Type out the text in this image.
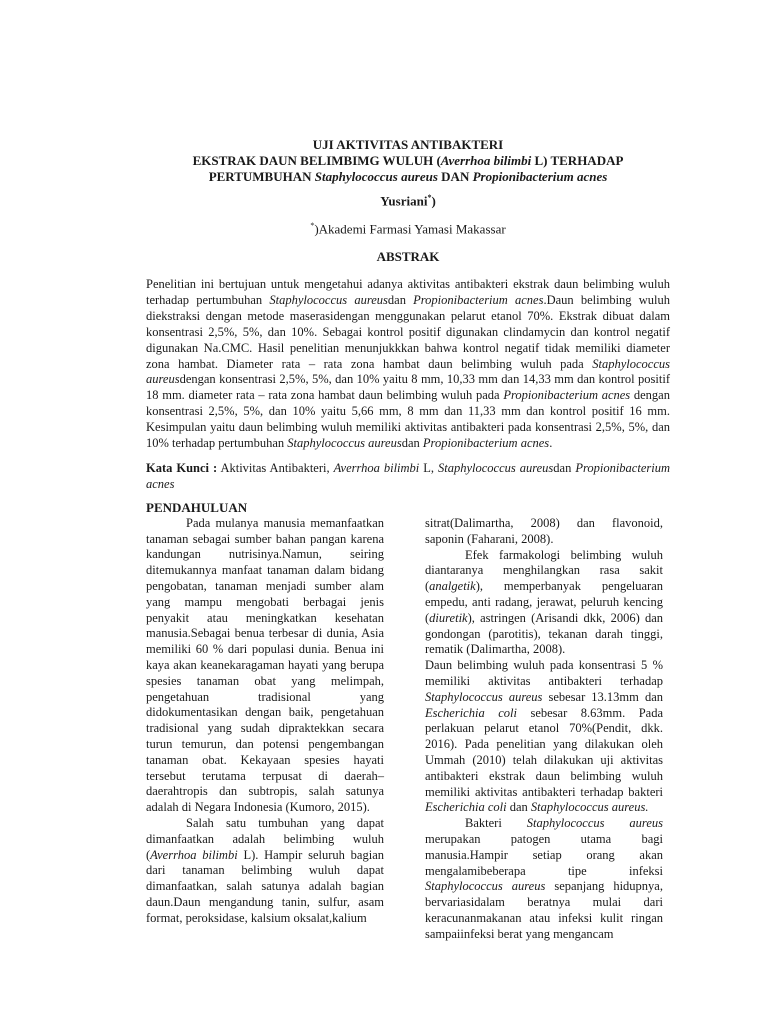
UJI AKTIVITAS ANTIBAKTERI
EKSTRAK DAUN BELIMBIMG WULUH (Averrhoa bilimbi L) TERHADAP
PERTUMBUHAN Staphylococcus aureus DAN Propionibacterium acnes
Yusriani*)
*)Akademi Farmasi Yamasi Makassar
ABSTRAK
Penelitian ini bertujuan untuk mengetahui adanya aktivitas antibakteri ekstrak daun belimbing wuluh terhadap pertumbuhan Staphylococcus aureusdan Propionibacterium acnes.Daun belimbing wuluh diekstraksi dengan metode maserasidengan menggunakan pelarut etanol 70%. Ekstrak dibuat dalam konsentrasi 2,5%, 5%, dan 10%. Sebagai kontrol positif digunakan clindamycin dan kontrol negatif digunakan Na.CMC. Hasil penelitian menunjukkkan bahwa kontrol negatif tidak memiliki diameter zona hambat. Diameter rata – rata zona hambat daun belimbing wuluh pada Staphylococcus aureusdengan konsentrasi 2,5%, 5%, dan 10% yaitu 8 mm, 10,33 mm dan 14,33 mm dan kontrol positif 18 mm. diameter rata – rata zona hambat daun belimbing wuluh pada Propionibacterium acnes dengan konsentrasi 2,5%, 5%, dan 10% yaitu 5,66 mm, 8 mm dan 11,33 mm dan kontrol positif 16 mm. Kesimpulan yaitu daun belimbing wuluh memiliki aktivitas antibakteri pada konsentrasi 2,5%, 5%, dan 10% terhadap pertumbuhan Staphylococcus aureusdan Propionibacterium acnes.
Kata Kunci : Aktivitas Antibakteri, Averrhoa bilimbi L, Staphylococcus aureusdan Propionibacterium acnes

PENDAHULUAN

Pada mulanya manusia memanfaatkan tanaman sebagai sumber bahan pangan karena kandungan nutrisinya.Namun, seiring ditemukannya manfaat tanaman dalam bidang pengobatan, tanaman menjadi sumber alam yang mampu mengobati berbagai jenis penyakit atau meningkatkan kesehatan manusia.Sebagai benua terbesar di dunia, Asia memiliki 60 % dari populasi dunia. Benua ini kaya akan keanekaragaman hayati yang berupa spesies tanaman obat yang melimpah, pengetahuan tradisional yang didokumentasikan dengan baik, pengetahuan tradisional yang sudah dipraktekkan secara turun temurun, dan potensi pengembangan tanaman obat. Kekayaan spesies hayati tersebut terutama terpusat di daerah–daerahtropis dan subtropis, salah satunya adalah di Negara Indonesia (Kumoro, 2015).

Salah satu tumbuhan yang dapat dimanfaatkan adalah belimbing wuluh (Averrhoa bilimbi L). Hampir seluruh bagian dari tanaman belimbing wuluh dapat dimanfaatkan, salah satunya adalah bagian daun.Daun mengandung tanin, sulfur, asam format, peroksidase, kalsium oksalat,kalium

sitrat(Dalimartha, 2008) dan flavonoid, saponin (Faharani, 2008).

Efek farmakologi belimbing wuluh diantaranya menghilangkan rasa sakit (analgetik), memperbanyak pengeluaran empedu, anti radang, jerawat, peluruh kencing (diuretik), astringen (Arisandi dkk, 2006) dan gondongan (parotitis), tekanan darah tinggi, rematik (Dalimartha, 2008).

Daun belimbing wuluh pada konsentrasi 5 % memiliki aktivitas antibakteri terhadap Staphylococcus aureus sebesar 13.13mm dan Escherichia coli sebesar 8.63mm. Pada perlakuan pelarut etanol 70%(Pendit, dkk. 2016). Pada penelitian yang dilakukan oleh Ummah (2010) telah dilakukan uji aktivitas antibakteri ekstrak daun belimbing wuluh memiliki aktivitas antibakteri terhadap bakteri Escherichia coli dan Staphylococcus aureus.

Bakteri Staphylococcus aureus merupakan patogen utama bagi manusia.Hampir setiap orang akan mengalamibeberapa tipe infeksi Staphylococcus aureus sepanjang hidupnya, bervariasidalam beratnya mulai dari keracunanmakanan atau infeksi kulit ringan sampaiinfeksi berat yang mengancam
